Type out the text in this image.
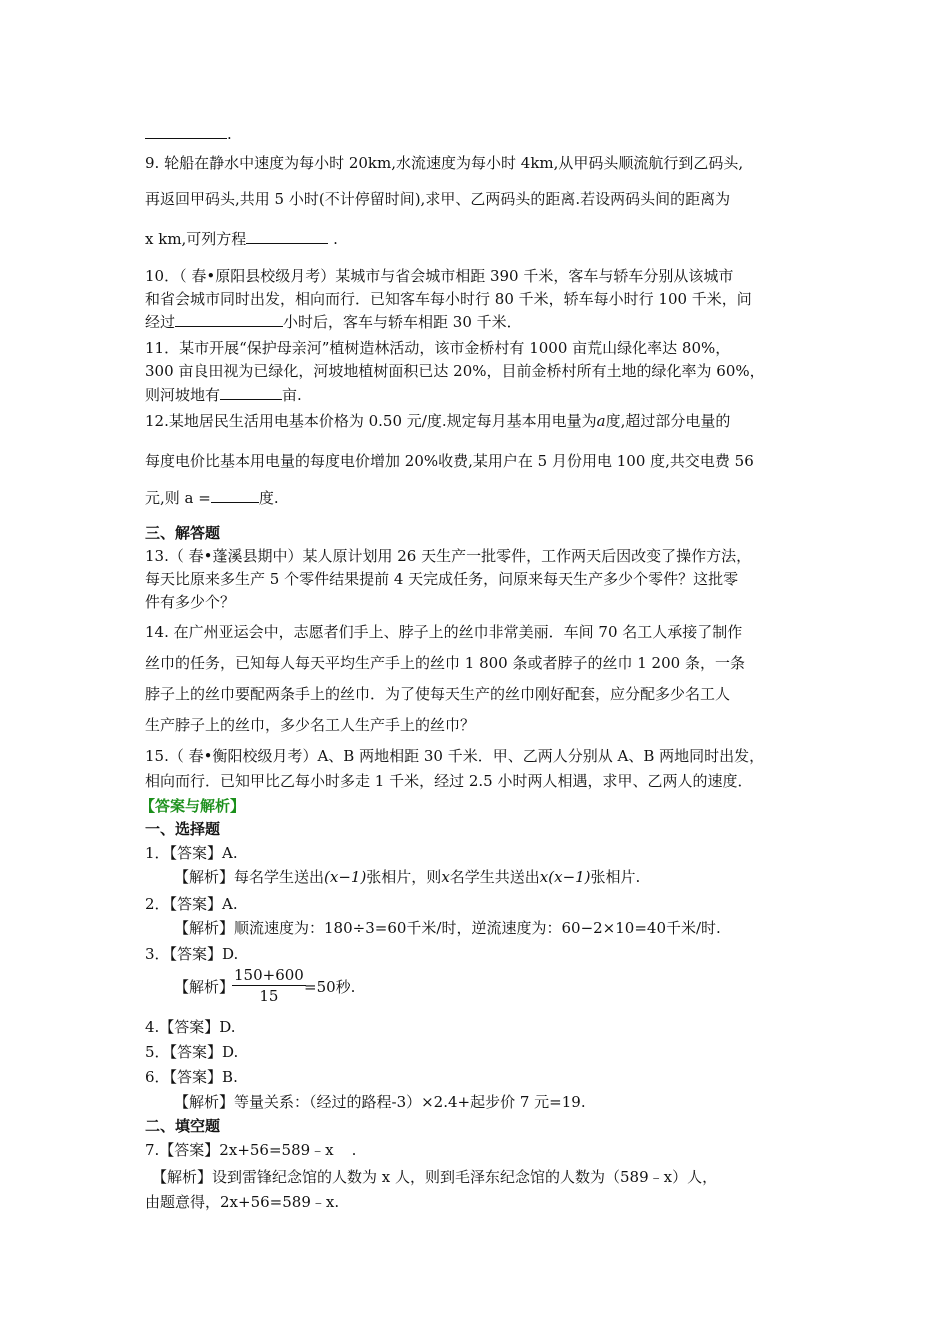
.
9. 轮船在静水中速度为每小时 20km,水流速度为每小时 4km,从甲码头顺流航行到乙码头,
再返回甲码头,共用 5 小时(不计停留时间),求甲、乙两码头的距离.若设两码头间的距离为
x km,可列方程	.
10．（ 春•原阳县校级月考）某城市与省会城市相距 390 千米，客车与轿车分别从该城市
和省会城市同时出发，相向而行．已知客车每小时行 80 千米，轿车每小时行 100 千米，问
经过	小时后，客车与轿车相距 30 千米．
11．某市开展“保护母亲河”植树造林活动，该市金桥村有 1000 亩荒山绿化率达 80%，
300 亩良田视为已绿化，河坡地植树面积已达 20%，目前金桥村所有土地的绿化率为 60%，
则河坡地有	亩.
12.某地居民生活用电基本价格为 0.50 元/度.规定每月基本用电量为a度,超过部分电量的
每度电价比基本用电量的每度电价增加 20%收费,某用户在 5 月份用电 100 度,共交电费 56
元,则 a =	度.
三、解答题
13.（ 春•蓬溪县期中）某人原计划用 26 天生产一批零件，工作两天后因改变了操作方法，
每天比原来多生产 5 个零件结果提前 4 天完成任务，问原来每天生产多少个零件？这批零
件有多少个？
14. 在广州亚运会中，志愿者们手上、脖子上的丝巾非常美丽．车间 70 名工人承接了制作
丝巾的任务，已知每人每天平均生产手上的丝巾 1 800 条或者脖子的丝巾 1 200 条，一条
脖子上的丝巾要配两条手上的丝巾．为了使每天生产的丝巾刚好配套，应分配多少名工人
生产脖子上的丝巾，多少名工人生产手上的丝巾？
15.（ 春•衡阳校级月考）A、B 两地相距 30 千米．甲、乙两人分别从 A、B 两地同时出发，
相向而行．已知甲比乙每小时多走 1 千米，经过 2.5 小时两人相遇，求甲、乙两人的速度．
【答案与解析】
一、选择题
1．【答案】A.
【解析】每名学生送出(x−1)张相片，则x名学生共送出x(x−1)张相片.
2．【答案】A.
【解析】顺流速度为：180÷3=60千米/时，逆流速度为：60−2×10=40千米/时.
3．【答案】D.
【解析】
$\frac{150+600}{15}$
=50秒.
4.【答案】D.
5．【答案】D.
6．【答案】B.
【解析】等量关系：（经过的路程-3）×2.4+起步价 7 元=19.
二、填空题
7.【答案】2x+56=589﹣x .
【解析】设到雷锋纪念馆的人数为 x 人，则到毛泽东纪念馆的人数为（589﹣x）人，
由题意得，2x+56=589﹣x.
